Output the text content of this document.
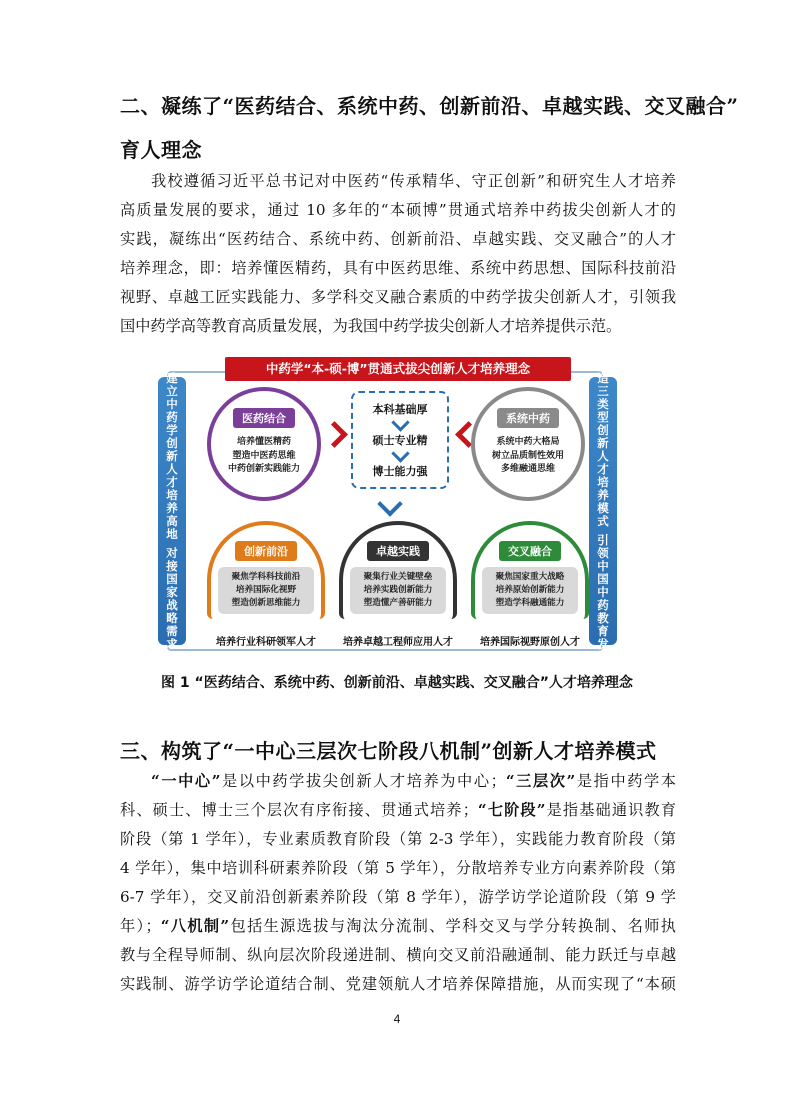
二、凝练了“医药结合、系统中药、创新前沿、卓越实践、交叉融合”
育人理念
我校遵循习近平总书记对中医药“传承精华、守正创新”和研究生人才培养
高质量发展的要求，通过 10 多年的“本硕博”贯通式培养中药拔尖创新人才的
实践，凝练出“医药结合、系统中药、创新前沿、卓越实践、交叉融合”的人才
培养理念，即：培养懂医精药，具有中医药思维、系统中药思想、国际科技前沿
视野、卓越工匠实践能力、多学科交叉融合素质的中药学拔尖创新人才，引领我
国中药学高等教育高质量发展，为我国中药学拔尖创新人才培养提供示范。
建
立
中
药
学
创
新
人
才
培
养
高
地

对
接
国
家
战
略
需
求
塑
造
三
类
型
创
新
人
才
培
养
模
式

引
领
中
国
中
药
教
育
发
展
中药学“本-硕-博”贯通式拔尖创新人才培养理念
医药结合
培养懂医精药
塑造中医药思维
中药创新实践能力
本科基础厚
硕士专业精
博士能力强
系统中药
系统中药大格局
树立品质制性效用
多维融通思维
创新前沿
聚焦学科科技前沿
培养国际化视野
塑造创新思维能力
卓越实践
聚集行业关键壁垒
培养实践创新能力
塑造懂产善研能力
交叉融合
聚焦国家重大战略
培养原始创新能力
塑造学科融通能力
培养行业科研领军人才	培养卓越工程师应用人才	培养国际视野原创人才
图 1 “医药结合、系统中药、创新前沿、卓越实践、交叉融合”人才培养理念
三、构筑了“一中心三层次七阶段八机制”创新人才培养模式
“一中心”是以中药学拔尖创新人才培养为中心；“三层次”是指中药学本
科、硕士、博士三个层次有序衔接、贯通式培养；“七阶段”是指基础通识教育
阶段（第 1 学年），专业素质教育阶段（第 2-3 学年），实践能力教育阶段（第
4 学年），集中培训科研素养阶段（第 5 学年），分散培养专业方向素养阶段（第
6-7 学年），交叉前沿创新素养阶段（第 8 学年），游学访学论道阶段（第 9 学
年）；“八机制”包括生源选拔与淘汰分流制、学科交叉与学分转换制、名师执
教与全程导师制、纵向层次阶段递进制、横向交叉前沿融通制、能力跃迁与卓越
实践制、游学访学论道结合制、党建领航人才培养保障措施，从而实现了“本硕
4
